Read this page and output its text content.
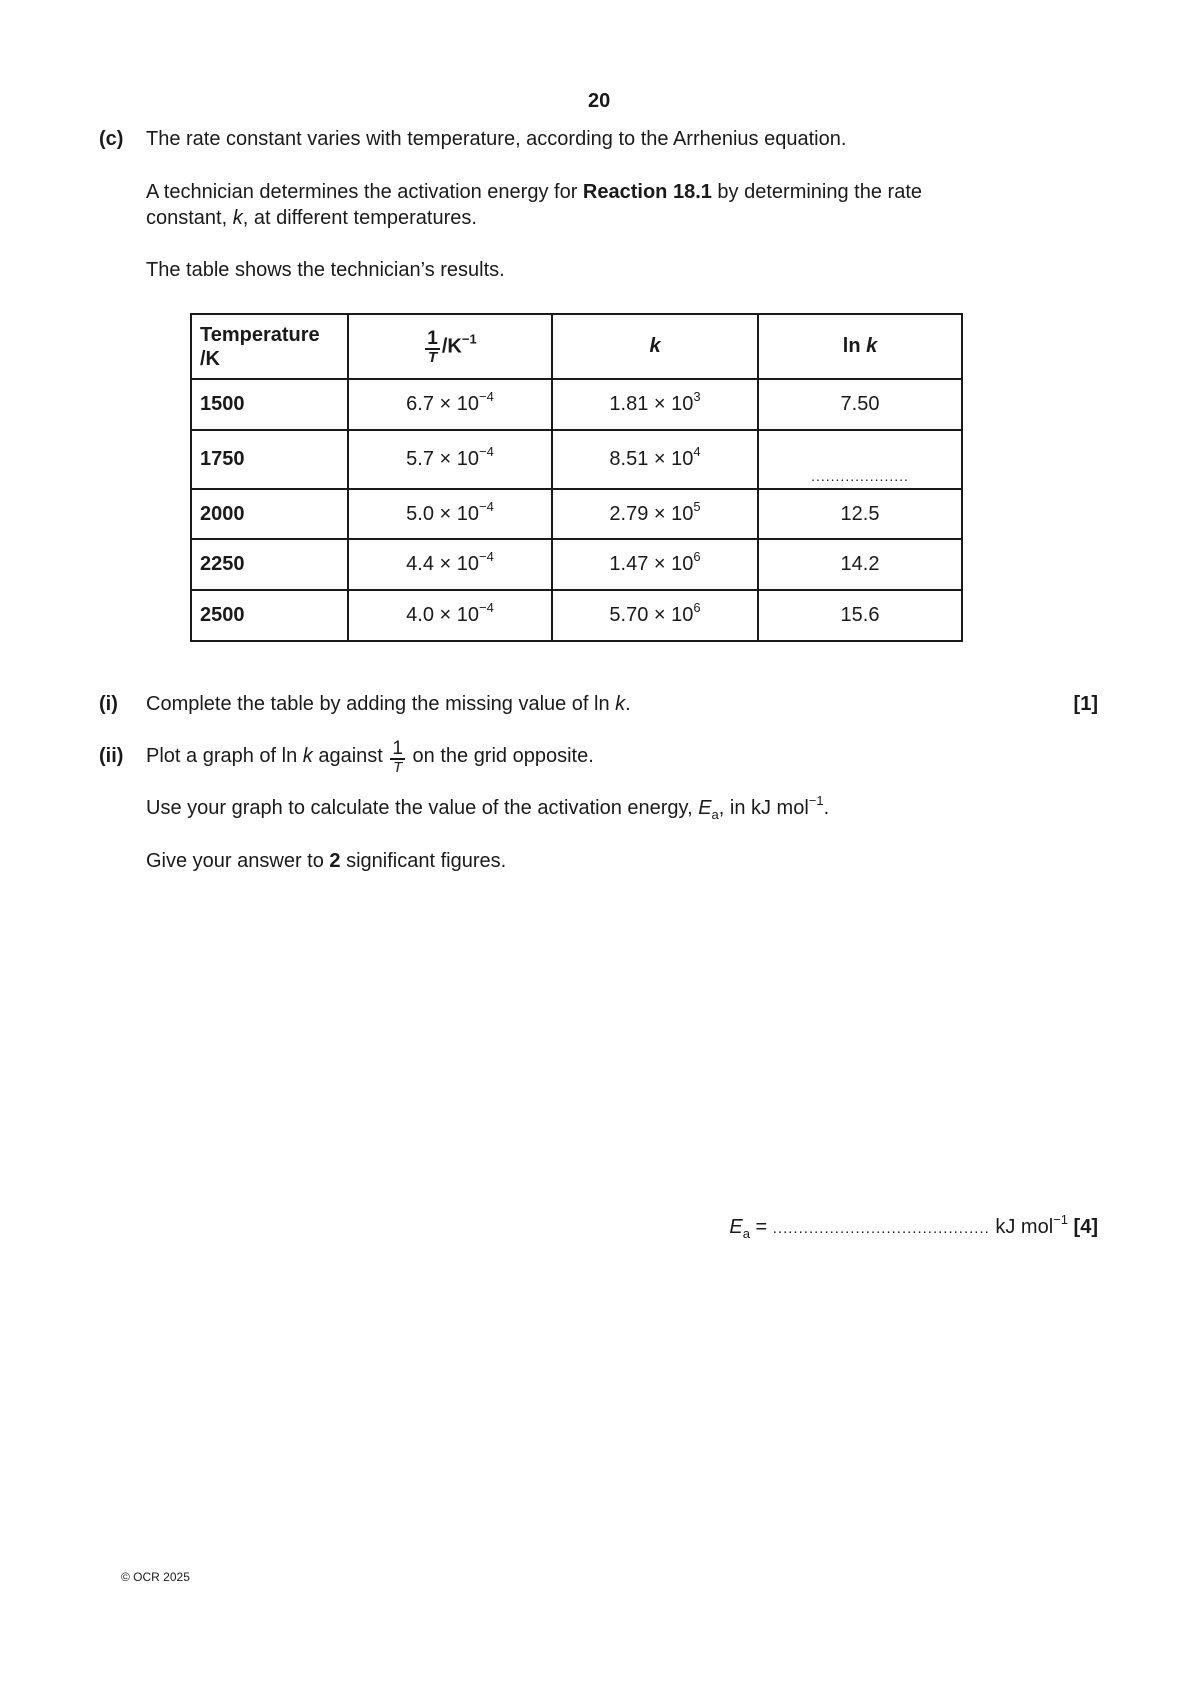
20
(c) The rate constant varies with temperature, according to the Arrhenius equation.
A technician determines the activation energy for Reaction 18.1 by determining the rate
constant, k, at different temperatures.
The table shows the technician’s results.
Temperature
/K	$\frac{1}{T} /K^{-1}$	k	ln k
1500	$6.7 \times 10^{-4}$	$1.81 \times 10^3$	7.50
1750	$5.7 \times 10^{-4}$	$8.51 \times 10^4$	....................
2000	$5.0 \times 10^{-4}$	$2.79 \times 10^5$	12.5
2250	$4.4 \times 10^{-4}$	$1.47 \times 10^6$	14.2
2500	$4.0 \times 10^{-4}$	$5.70 \times 10^6$	15.6
(i) Complete the table by adding the missing value of ln k.	[1]
(ii) Plot a graph of ln k against $\frac{1}{T}$ on the grid opposite.
Use your graph to calculate the value of the activation energy, $E_a$, in kJ mol$^{-1}$.
Give your answer to 2 significant figures.
$E_a$ = .......................................... kJ mol$^{-1}$ [4]
© OCR 2025
